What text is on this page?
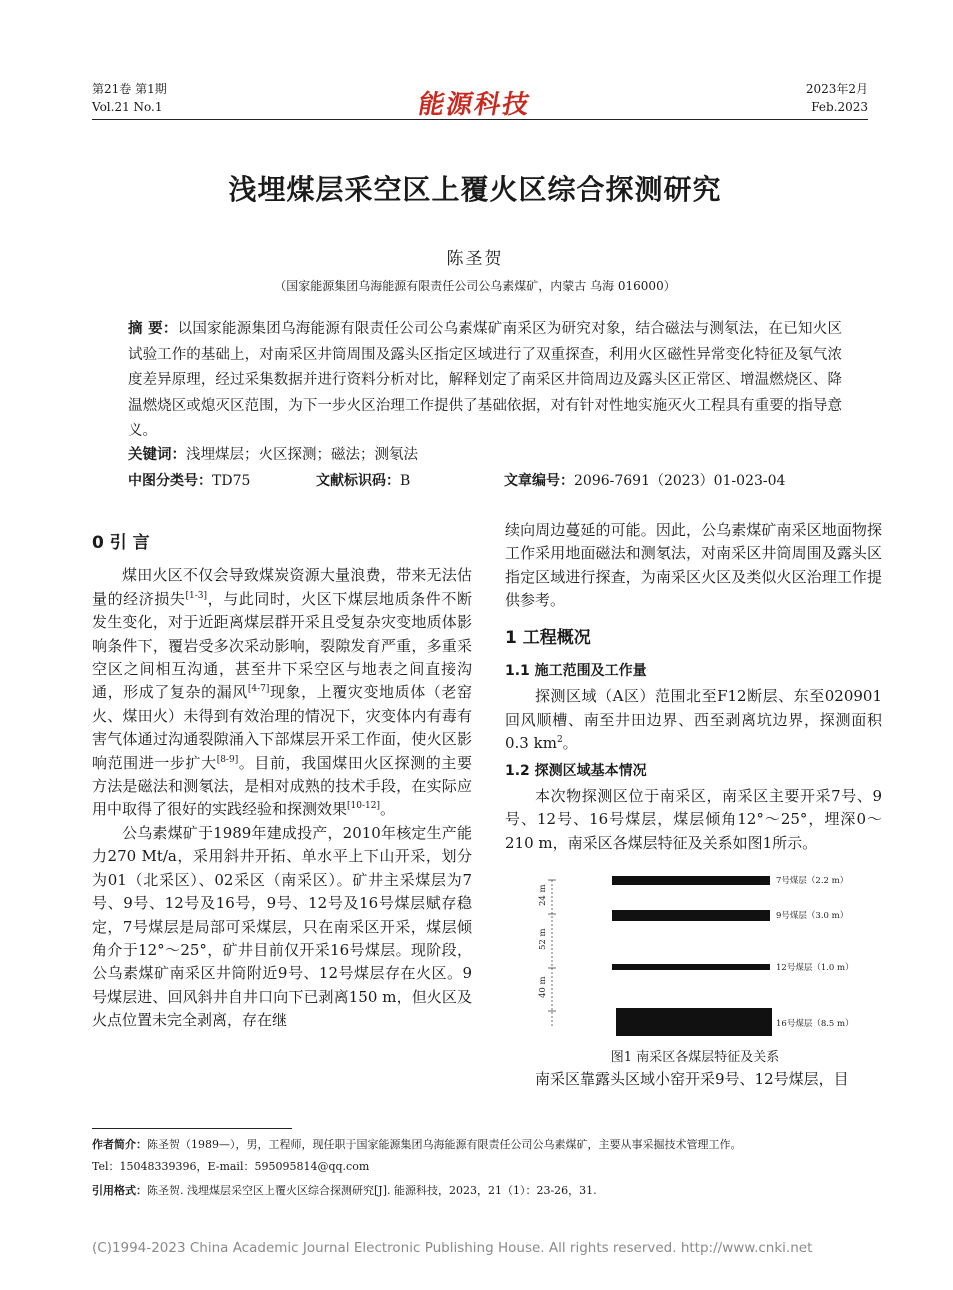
第21卷 第1期
Vol.21 No.1	能源科技
2023年2月
Feb.2023
浅埋煤层采空区上覆火区综合探测研究
陈圣贺
（国家能源集团乌海能源有限责任公司公乌素煤矿，内蒙古 乌海 016000）
摘 要：以国家能源集团乌海能源有限责任公司公乌素煤矿南采区为研究对象，结合磁法与测氡法，在已知火区试验工作的基础上，对南采区井筒周围及露头区指定区域进行了双重探查，利用火区磁性异常变化特征及氡气浓度差异原理，经过采集数据并进行资料分析对比，解释划定了南采区井筒周边及露头区正常区、增温燃烧区、降温燃烧区或熄灭区范围，为下一步火区治理工作提供了基础依据，对有针对性地实施灭火工程具有重要的指导意义。
关键词：浅埋煤层；火区探测；磁法；测氡法
中图分类号：TD75	文献标识码：B	文章编号：2096-7691（2023）01-023-04
0 引 言

煤田火区不仅会导致煤炭资源大量浪费，带来无法估量的经济损失[1-3]，与此同时，火区下煤层地质条件不断发生变化，对于近距离煤层群开采且受复杂灾变地质体影响条件下，覆岩受多次采动影响，裂隙发育严重，多重采空区之间相互沟通，甚至井下采空区与地表之间直接沟通，形成了复杂的漏风[4-7]现象，上覆灾变地质体（老窑火、煤田火）未得到有效治理的情况下，灾变体内有毒有害气体通过沟通裂隙涌入下部煤层开采工作面，使火区影响范围进一步扩大[8-9]。目前，我国煤田火区探测的主要方法是磁法和测氡法，是相对成熟的技术手段，在实际应用中取得了很好的实践经验和探测效果[10-12]。

公乌素煤矿于1989年建成投产，2010年核定生产能力270 Mt/a，采用斜井开拓、单水平上下山开采，划分为01（北采区）、02采区（南采区）。矿井主采煤层为7号、9号、12号及16号，9号、12号及16号煤层赋存稳定，7号煤层是局部可采煤层，只在南采区开采，煤层倾角介于12°～25°，矿井目前仅开采16号煤层。现阶段，公乌素煤矿南采区井筒附近9号、12号煤层存在火区。9号煤层进、回风斜井自井口向下已剥离150 m，但火区及火点位置未完全剥离，存在继

续向周边蔓延的可能。因此，公乌素煤矿南采区地面物探工作采用地面磁法和测氡法，对南采区井筒周围及露头区指定区域进行探查，为南采区火区及类似火区治理工作提供参考。

1 工程概况
1.1 施工范围及工作量

探测区域（A区）范围北至F12断层、东至020901回风顺槽、南至井田边界、西至剥离坑边界，探测面积0.3 $km^2$。

1.2 探测区域基本情况

本次物探测区位于南采区，南采区主要开采7号、9号、12号、16号煤层，煤层倾角12°～25°，埋深0～210 m，南采区各煤层特征及关系如图1所示。

24 m
52 m
40 m
7号煤层（2.2 m）
9号煤层（3.0 m）
12号煤层（1.0 m）
16号煤层（8.5 m）
图1 南采区各煤层特征及关系

南采区靠露头区域小窑开采9号、12号煤层，目

作者简介：陈圣贺（1989—），男，工程师，现任职于国家能源集团乌海能源有限责任公司公乌素煤矿，主要从事采掘技术管理工作。
Tel：15048339396，E-mail：595095814@qq.com
引用格式：陈圣贺. 浅埋煤层采空区上覆火区综合探测研究[J]. 能源科技，2023，21（1）：23-26，31.
(C)1994-2023 China Academic Journal Electronic Publishing House. All rights reserved. http://www.cnki.net
